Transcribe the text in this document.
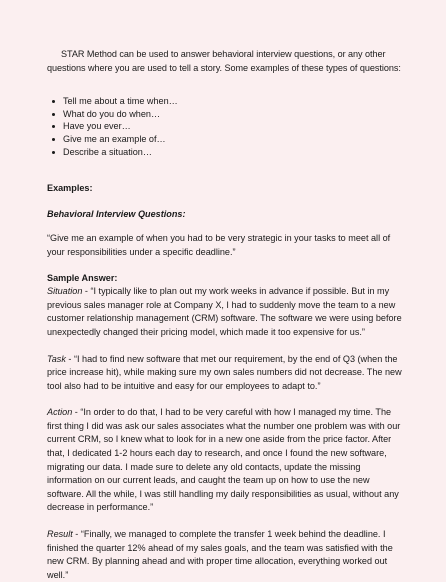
STAR Method can be used to answer behavioral interview questions, or any other questions where you are used to tell a story. Some examples of these types of questions:

Tell me about a time when…
What do you do when…
Have you ever…
Give me an example of…
Describe a situation…

Examples:

Behavioral Interview Questions:

“Give me an example of when you had to be very strategic in your tasks to meet all of your responsibilities under a specific deadline.”

Sample Answer:

Situation - “I typically like to plan out my work weeks in advance if possible. But in my previous sales manager role at Company X, I had to suddenly move the team to a new customer relationship management (CRM) software. The software we were using before unexpectedly changed their pricing model, which made it too expensive for us.”

Task - “I had to find new software that met our requirement, by the end of Q3 (when the price increase hit), while making sure my own sales numbers did not decrease. The new tool also had to be intuitive and easy for our employees to adapt to.”

Action - “In order to do that, I had to be very careful with how I managed my time. The first thing I did was ask our sales associates what the number one problem was with our current CRM, so I knew what to look for in a new one aside from the price factor. After that, I dedicated 1-2 hours each day to research, and once I found the new software, migrating our data. I made sure to delete any old contacts, update the missing information on our current leads, and caught the team up on how to use the new software. All the while, I was still handling my daily responsibilities as usual, without any decrease in performance.”

Result - “Finally, we managed to complete the transfer 1 week behind the deadline. I finished the quarter 12% ahead of my sales goals, and the team was satisfied with the new CRM. By planning ahead and with proper time allocation, everything worked out well.”
